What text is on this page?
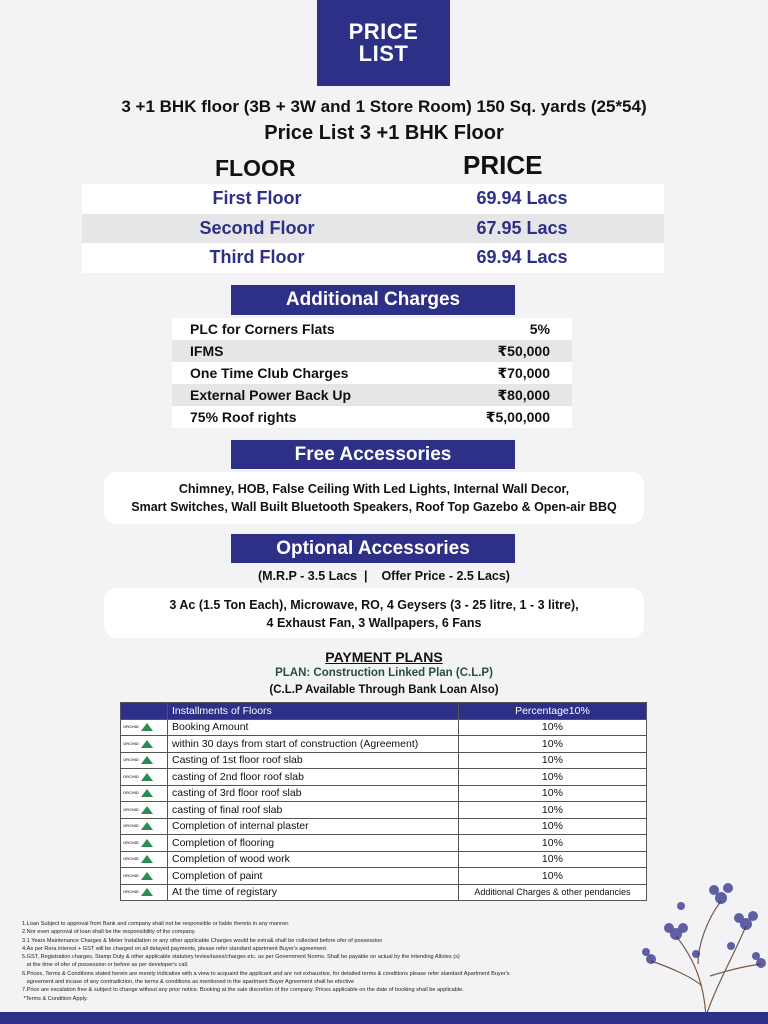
PRICE
LIST
3 +1 BHK floor (3B + 3W and 1 Store Room) 150 Sq. yards (25*54)
Price List 3 +1 BHK Floor
FLOOR	PRICE
First Floor	69.94 Lacs
Second Floor	67.95 Lacs
Third Floor	69.94 Lacs
Additional Charges
PLC for Corners Flats	5%
IFMS	₹50,000
One Time Club Charges	₹70,000
External Power Back Up	₹80,000
75% Roof rights	₹5,00,000
Free Accessories
Chimney, HOB, False Ceiling With Led Lights, Internal Wall Decor,
Smart Switches, Wall Built Bluetooth Speakers, Roof Top Gazebo & Open-air BBQ
Optional Accessories
(M.R.P - 3.5 Lacs  |    Offer Price - 2.5 Lacs)
3 Ac (1.5 Ton Each), Microwave, RO, 4 Geysers (3 - 25 litre, 1 - 3 litre),
4 Exhaust Fan, 3 Wallpapers, 6 Fans
PAYMENT PLANS
PLAN: Construction Linked Plan (C.L.P)
(C.L.P Available Through Bank Loan Also)
	Installments of Floors	Percentage10%

ORCHID	Booking Amount	10%

ORCHID	within 30 days from start of construction (Agreement)	10%

ORCHID	Casting of 1st floor roof slab	10%

ORCHID	casting of 2nd floor roof slab	10%

ORCHID	casting of 3rd floor roof slab	10%

ORCHID	casting of final roof slab	10%

ORCHID	Completion of internal plaster	10%

ORCHID	Completion of flooring	10%

ORCHID	Completion of wood work	10%

ORCHID	Completion of paint	10%

ORCHID	At the time of registary	Additional Charges & other pendancies
1.Loan Subject to approval from Bank and company shall not be responsible or liable thereto in any manner.
2.Nor even approval of loan shall be the responsibility of the company.
3.1 Years Maintenance Charges & Meter Installation or any other applicable Charges would be extra& shall be collected before ofer of possession
4.As per Rera interest + GST will be charged on all delayed payments, please refer standard apartment Buyer's agreement.
5.GST, Registration charges, Stamp Duty & other applicable statutory levies/taxes/charges etc. as per Government Norms. Shall be payable on actual by the intending Allotes (s)
at the time of ofer of possession or before as per developer's call.
6.Prices, Terms & Conditions stated herein are merely indicative with a view to acquaint the applicant and are not exhaustive, for detailed terms & conditions please refer standard Apartment Buyer's
agreement and incase of any contradiction, the terms & conditions as mentioned in the apartment Buyer Agreement shall be efective
7.Price are escalation free & subject to change without any prior notice. Booking at the sale discretion of the company. Prices applicable on the date of booking shall be applicable.
*Terms & Condition Apply.
